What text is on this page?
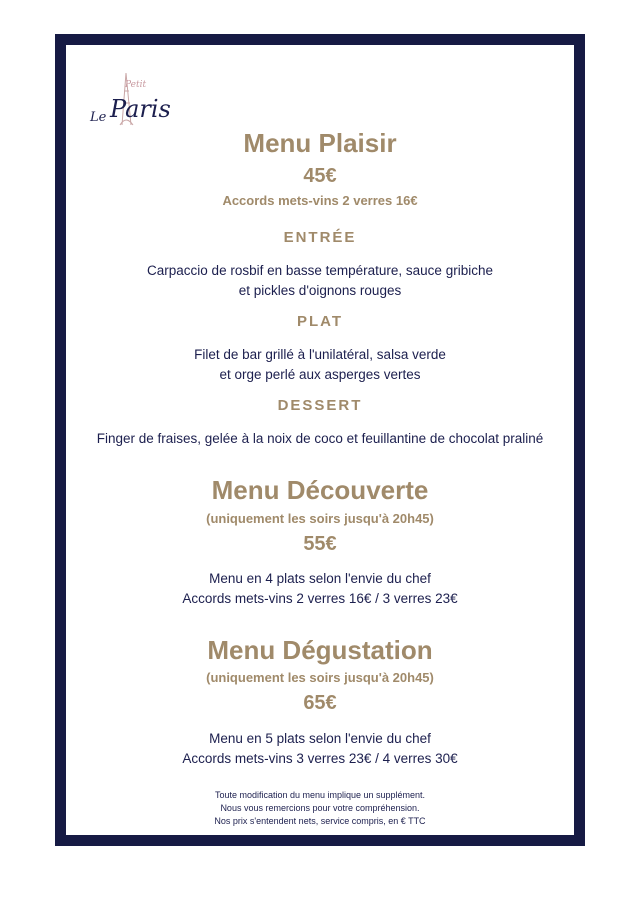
Petit
Le Paris
Menu Plaisir
45€
Accords mets-vins 2 verres 16€
ENTRÉE
Carpaccio de rosbif en basse température, sauce gribiche
et pickles d'oignons rouges
PLAT
Filet de bar grillé à l'unilatéral, salsa verde
et orge perlé aux asperges vertes
DESSERT
Finger de fraises, gelée à la noix de coco et feuillantine de chocolat praliné
Menu Découverte
(uniquement les soirs jusqu'à 20h45)
55€
Menu en 4 plats selon l'envie du chef
Accords mets-vins 2 verres 16€ / 3 verres 23€
Menu Dégustation
(uniquement les soirs jusqu'à 20h45)
65€
Menu en 5 plats selon l'envie du chef
Accords mets-vins 3 verres 23€ / 4 verres 30€
Toute modification du menu implique un supplément.
Nous vous remercions pour votre compréhension.
Nos prix s'entendent nets, service compris, en € TTC
